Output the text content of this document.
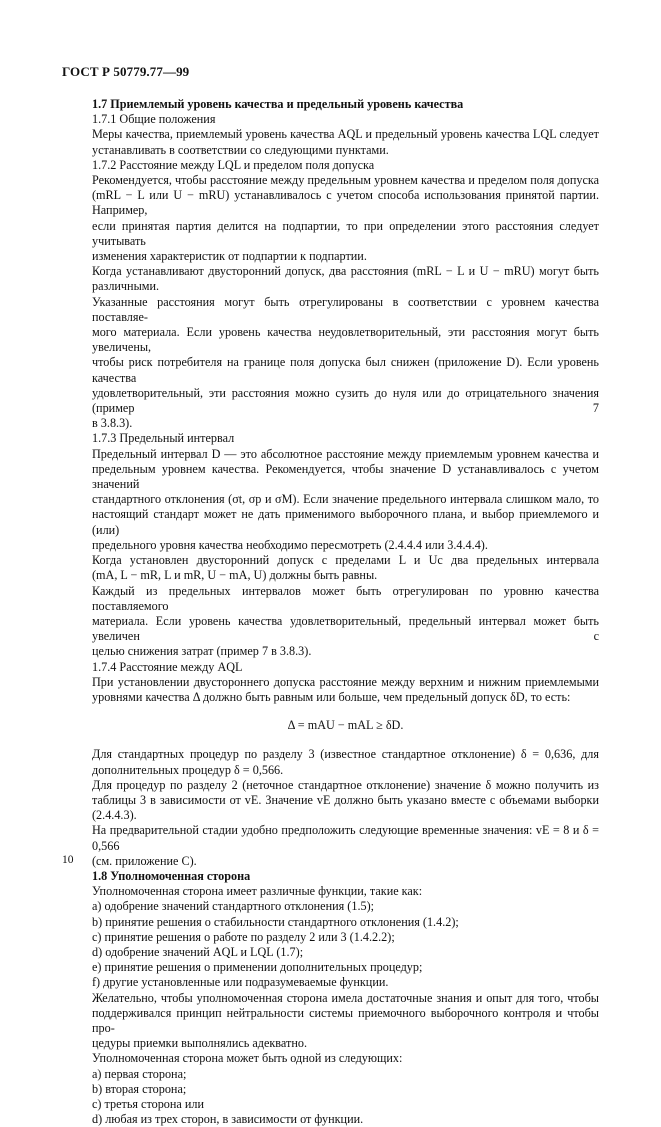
ГОСТ Р 50779.77—99
1.7 Приемлемый уровень качества и предельный уровень качества
1.7.1 Общие положения
Меры качества, приемлемый уровень качества AQL и предельный уровень качества LQL следует
устанавливать в соответствии со следующими пунктами.
1.7.2 Расстояние между LQL и пределом поля допуска
Рекомендуется, чтобы расстояние между предельным уровнем качества и пределом поля допуска
(mRL − L или U − mRU) устанавливалось с учетом способа использования принятой партии. Например,
если принятая партия делится на подпартии, то при определении этого расстояния следует учитывать
изменения характеристик от подпартии к подпартии.
Когда устанавливают двусторонний допуск, два расстояния (mRL − L и U − mRU) могут быть
различными.
Указанные расстояния могут быть отрегулированы в соответствии с уровнем качества поставляе-
мого материала. Если уровень качества неудовлетворительный, эти расстояния могут быть увеличены,
чтобы риск потребителя на границе поля допуска был снижен (приложение D). Если уровень качества
удовлетворительный, эти расстояния можно сузить до нуля или до отрицательного значения (пример 7
в 3.8.3).
1.7.3 Предельный интервал
Предельный интервал D — это абсолютное расстояние между приемлемым уровнем качества и
предельным уровнем качества. Рекомендуется, чтобы значение D устанавливалось с учетом значений
стандартного отклонения (σt, σp и σM). Если значение предельного интервала слишком мало, то
настоящий стандарт может не дать применимого выборочного плана, и выбор приемлемого и (или)
предельного уровня качества необходимо пересмотреть (2.4.4.4 или 3.4.4.4).
Когда установлен двусторонний допуск с пределами L и Uс два предельных интервала
(mA, L − mR, L и mR, U − mA, U) должны быть равны.
Каждый из предельных интервалов может быть отрегулирован по уровню качества поставляемого
материала. Если уровень качества удовлетворительный, предельный интервал может быть увеличен с
целью снижения затрат (пример 7 в 3.8.3).
1.7.4 Расстояние между AQL
При установлении двустороннего допуска расстояние между верхним и нижним приемлемыми
уровнями качества Δ должно быть равным или больше, чем предельный допуск δD, то есть:
Δ = mAU − mAL ≥ δD.
Для стандартных процедур по разделу 3 (известное стандартное отклонение) δ = 0,636, для
дополнительных процедур δ = 0,566.
Для процедур по разделу 2 (неточное стандартное отклонение) значение δ можно получить из
таблицы 3 в зависимости от vE. Значение vE должно быть указано вместе с объемами выборки (2.4.4.3).
На предварительной стадии удобно предположить следующие временные значения: vE = 8 и δ = 0,566
(см. приложение С).
1.8 Уполномоченная сторона
Уполномоченная сторона имеет различные функции, такие как:
a) одобрение значений стандартного отклонения (1.5);
b) принятие решения о стабильности стандартного отклонения (1.4.2);
c) принятие решения о работе по разделу 2 или 3 (1.4.2.2);
d) одобрение значений AQL и LQL (1.7);
e) принятие решения о применении дополнительных процедур;
f) другие установленные или подразумеваемые функции.
Желательно, чтобы уполномоченная сторона имела достаточные знания и опыт для того, чтобы
поддерживался принцип нейтральности системы приемочного выборочного контроля и чтобы про-
цедуры приемки выполнялись адекватно.
Уполномоченная сторона может быть одной из следующих:
a) первая сторона;
b) вторая сторона;
c) третья сторона или
d) любая из трех сторон, в зависимости от функции.
10
